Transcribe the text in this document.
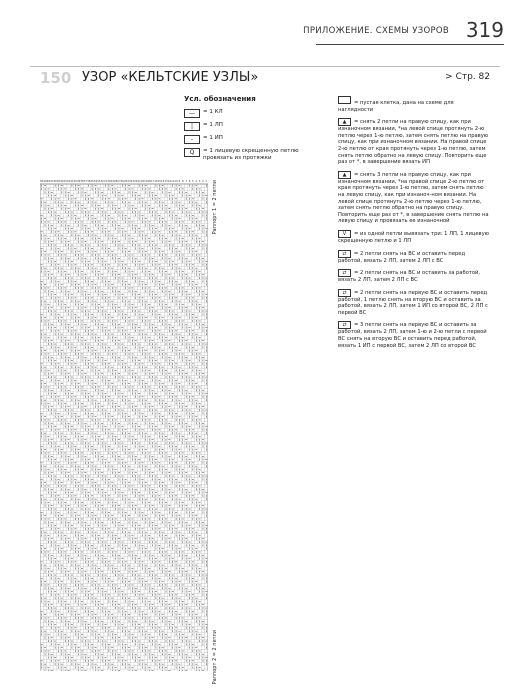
ПРИЛОЖЕНИЕ. СХЕМЫ УЗОРОВ 319
150 УЗОР «КЕЛЬТСКИЕ УЗЛЫ»	> Стр. 82
Усл. обозначения
—	= 1 КЛ
|	= 1 ЛП
-	= 1 ИП
Q	= 1 лицевую скрещенную петлю провязать из протяжки
= пустая клетка, дана на схеме для наглядности
▲ = снять 2 петли на правую спицу, как при изнаночном вязании, *на левой спице протянуть 2-ю петлю через 1-ю петлю, затем снять петлю на правую спицу, как при изнаночном вязании. На правой спице 2-ю петлю от края протянуть через 1-ю петлю, затем снять петлю обратно на левую спицу. Повторить еще раз от *, в завершение вязать ИП
▲ = снять 3 петли на правую спицу, как при изнаночном вязании, *на правой спице 2-ю петлю от края протянуть через 1-ю петлю, затем снять петлю на левую спицу, как при изнаноч-ном вязании. На левой спице протянуть 2-ю петлю через 1-ю петлю, затем снять петлю обратно на правую спицу. Повторить еще раз от *, в завершение снять петлю на левую спицу и провязать ее изнаночной
V = из одной петли вывязать три: 1 ЛП, 1 лицевую скрещенную петлю и 1 ЛП
⇄ = 2 петли снять на ВС и оставить перед работой, вязать 2 ЛП, затем 2 ЛП с ВС
⇄ = 2 петли снять на ВС и оставить за работой, вязать 2 ЛП, затем 2 ЛП с ВС
⇄ = 2 петли снять на первую ВС и оставить перед работой, 1 петлю снять на вторую ВС и оставить за работой, вязать 2 ЛП, затем 1 ИП со второй ВС, 2 ЛП с первой ВС
⇄ = 3 петли снять на первую ВС и оставить за работой, вязать 2 ЛП, затем 1-ю и 2-ю петли с первой ВС снять на вторую ВС и оставить перед работой, вязать 1 ИП с первой ВС, затем 2 ЛП со второй ВС
50 49 48 47 46 45 44 43 42 41 40 39 38 37 36 35 34 33 32 31 30 29 28 27 26 25 24 23 22 21 20 19 18 17 16 15 14 13 12 11 10 9 8 7 6 5 4 3 2 1 Раппорт 1 = 2 петли
Раппорт 2 = 2 петли
